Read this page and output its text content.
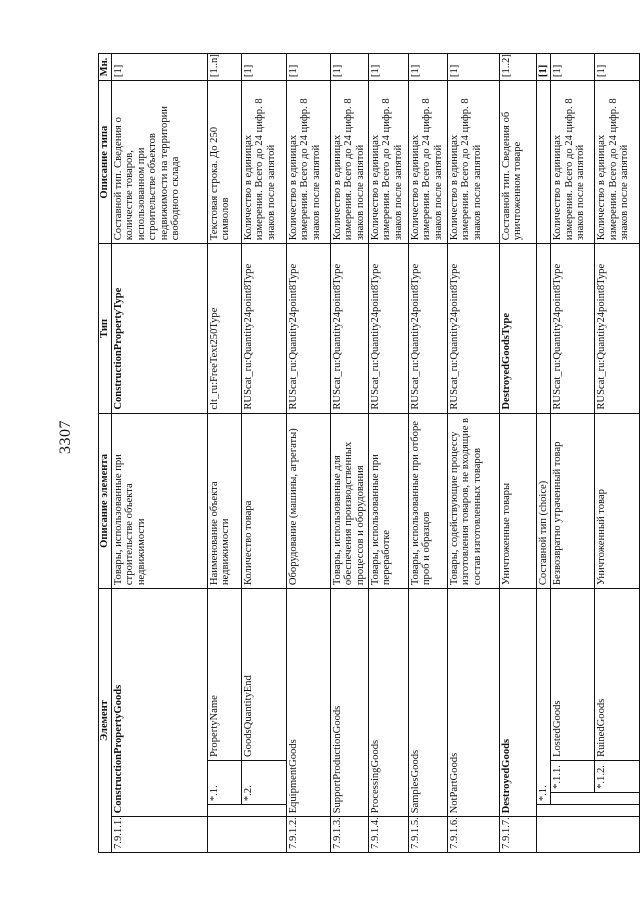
3307
Элемент					Описание элемента	Тип	Описание типа	Мн.
7.9.1.1.	ConstructionPropertyGoods				Товары, использованные при строительстве объекта недвижимости	ConstructionPropertyType	Составной тип. Сведения о количестве товаров, использованном при строительстве объектов недвижимости на территории свободного склада	[1]
		*.1.		PropertyName	Наименование объекта недвижимости	clt_ru:FreeText250Type	Текстовая строка. До 250 символов	[1..n]
		*.2.		GoodsQuantityEnd	Количество товара	RUScat_ru:Quantity24point8Type	Количество в единицах измерения. Всего до 24 цифр. 8 знаков после запятой	[1]
7.9.1.2.	EquipmentGoods				Оборудование (машины, агрегаты)	RUScat_ru:Quantity24point8Type	Количество в единицах измерения. Всего до 24 цифр. 8 знаков после запятой	[1]
7.9.1.3.	SupportProductionGoods				Товары, использованные для обеспечения производственных процессов и оборудования	RUScat_ru:Quantity24point8Type	Количество в единицах измерения. Всего до 24 цифр. 8 знаков после запятой	[1]
7.9.1.4.	ProcessingGoods				Товары, использованные при переработке	RUScat_ru:Quantity24point8Type	Количество в единицах измерения. Всего до 24 цифр. 8 знаков после запятой	[1]
7.9.1.5.	SamplesGoods				Товары, использованные при отборе проб и образцов	RUScat_ru:Quantity24point8Type	Количество в единицах измерения. Всего до 24 цифр. 8 знаков после запятой	[1]
7.9.1.6.	NotPartGoods				Товары, содействующие процессу изготовления товаров, не входящие в состав изготовленных товаров	RUScat_ru:Quantity24point8Type	Количество в единицах измерения. Всего до 24 цифр. 8 знаков после запятой	[1]
7.9.1.7.	DestroyedGoods				Уничтоженные товары	DestroyedGoodsType	Составной тип. Сведения об уничтоженном товаре	[1..2]
		*.1.			Составной тип (choice)			[1]
			*.1.1.	LostedGoods	Безвозвратно утраченный товар	RUScat_ru:Quantity24point8Type	Количество в единицах измерения. Всего до 24 цифр. 8 знаков после запятой	[1]
			*.1.2.	RuinedGoods	Уничтоженный товар	RUScat_ru:Quantity24point8Type	Количество в единицах измерения. Всего до 24 цифр. 8 знаков после запятой	[1]
